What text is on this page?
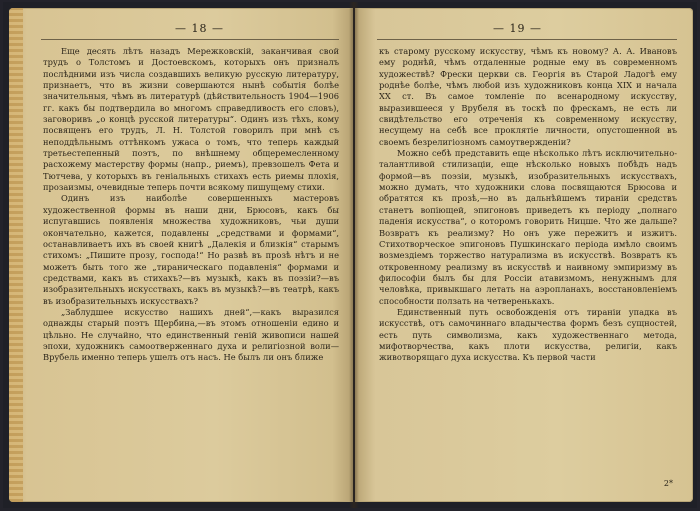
— 18 —

Еще десять лѣтъ назадъ Мережковскій, заканчивая свой трудъ о Толстомъ и Достоевскомъ, которыхъ онъ призналъ послѣдними изъ числа создавшихъ великую русскую литературу, признаетъ, что въ жизни совершаются нынѣ событія болѣе значительныя, чѣмъ въ литературѣ (дѣйствительность 1904—1906 гг. какъ бы подтвердила во многомъ справедливость его словъ), заговоривъ „о концѣ русской литературы“. Одинъ изъ тѣхъ, кому посвященъ его трудъ, Л. Н. Толстой говорилъ при мнѣ съ неподдѣльнымъ оттѣнкомъ ужаса о томъ, что теперь каждый третьестепенный поэтъ, по внѣшнему общеремесленному расхожему мастерству формы (напр., риемъ), превзошелъ Фета и Тютчева, у которыхъ въ геніальныхъ стихахъ есть риемы плохія, прозаизмы, очевидные теперь почти всякому пишущему стихи.

Одинъ изъ наиболѣе совершенныхъ мастеровъ художественной формы въ наши дни, Брюсовъ, какъ бы испугавшись появленія множества художниковъ, чьи души окончательно, кажется, подавлены „средствами и формами“, останавливаетъ ихъ въ своей книгѣ „Далекія и близкія“ старымъ стихомъ: „Пишите прозу, господа!“ Но развѣ въ прозѣ нѣтъ и не можетъ быть того же „тираническаго подавленія“ формами и средствами, какъ въ стихахъ?—въ музыкѣ, какъ въ поэзіи?—въ изобразительныхъ искусствахъ, какъ въ музыкѣ?—въ театрѣ, какъ въ изобразительныхъ искусствахъ?

„Заблудшее искусство нашихъ дней“,—какъ выразился однажды старый поэтъ Щербина,—въ этомъ отношеніи едино и цѣльно. Не случайно, что единственный геній живописи нашей эпохи, художникъ самоотверженнаго духа и религіозной воли—Врубель именно теперь ушелъ отъ насъ. Не былъ ли онъ ближе

— 19 —

къ старому русскому искусству, чѣмъ къ новому? А. А. Ивановъ ему роднѣй, чѣмъ отдаленные родные ему въ современномъ художествѣ? Фрески церкви св. Георгія въ Старой Ладогѣ ему роднѣе болѣе, чѣмъ любой изъ художниковъ конца XIX и начала XX ст. Въ самое томленіе по всенародному искусству, выразившееся у Врубеля въ тоскѣ по фрескамъ, не есть ли свидѣтельство его отреченія къ современному искусству, несущему на себѣ все проклятіе личности, опустошенной въ своемъ безрелигіозномъ самоутвержденіи?

Можно себѣ представить еще нѣсколько лѣтъ исключительно-талантливой стилизаціи, еще нѣсколько новыхъ побѣдъ надъ формой—въ поэзіи, музыкѣ, изобразительныхъ искусствахъ, можно думать, что художники слова посвящаются Брюсова и обратятся къ прозѣ,—но въ дальнѣйшемъ тираніи средствъ станетъ вопіющей, эпигоновъ приведетъ къ періоду „полнаго паденія искусства“, о которомъ говорить Ницше. Что же дальше? Возвратъ къ реализму? Но онъ уже пережитъ и изжитъ. Стихотворческое эпигоновъ Пушкинскаго періода имѣло своимъ возмездіемъ торжество натурализма въ искусствѣ. Возвратъ къ откровенному реализму въ искусствѣ и наивному эмпиризму въ философіи былъ бы для Россіи атавизмомъ, ненужнымъ для человѣка, привыкшаго летать на аэропланахъ, восстановленіемъ способности ползать на четверенькахъ.

Единственный путь освобожденія отъ тираніи упадка въ искусствѣ, отъ самочиннаго владычества формъ безъ сущностей, есть путь символизма, какъ художественнаго метода, мифотворчества, какъ плоти искусства, религіи, какъ животворящаго духа искусства. Къ первой части

2*
